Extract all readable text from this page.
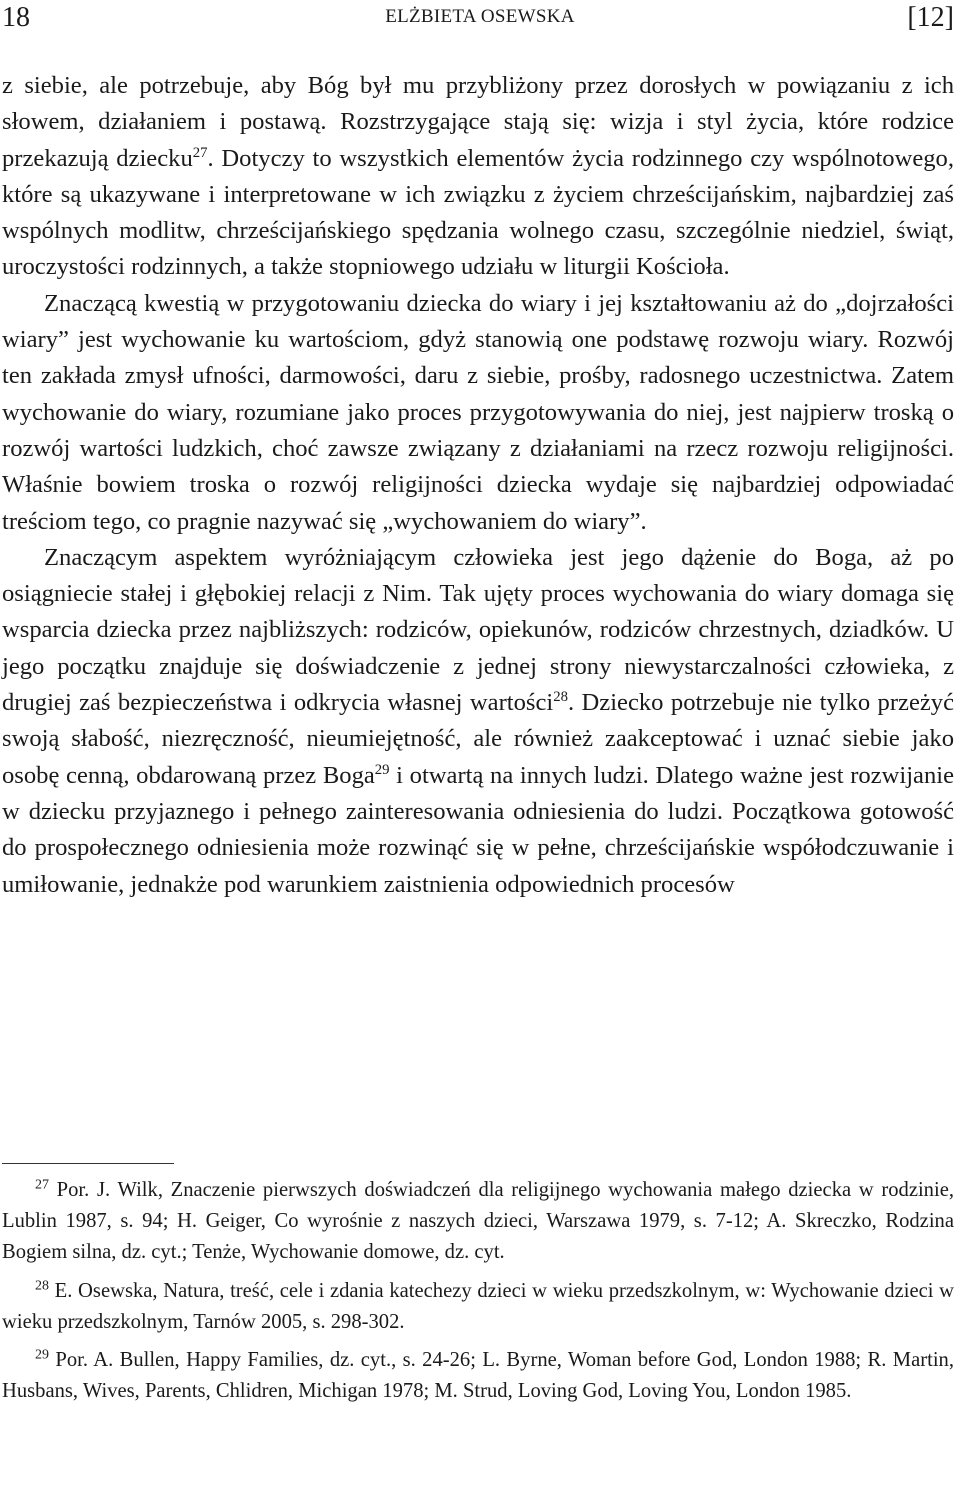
18	ELŻBIETA OSEWSKA	[12]

z siebie, ale potrzebuje, aby Bóg był mu przybliżony przez dorosłych w powiązaniu z ich słowem, działaniem i postawą. Rozstrzygające stają się: wizja i styl życia, które rodzice przekazują dziecku$^{27}$. Dotyczy to wszystkich elementów życia rodzinnego czy wspólnotowego, które są ukazywane i interpretowane w ich związku z życiem chrześcijańskim, najbardziej zaś wspólnych modlitw, chrześcijańskiego spędzania wolnego czasu, szczególnie niedziel, świąt, uroczystości rodzinnych, a także stopniowego udziału w liturgii Kościoła.

Znaczącą kwestią w przygotowaniu dziecka do wiary i jej kształtowaniu aż do „dojrzałości wiary” jest wychowanie ku wartościom, gdyż stanowią one podstawę rozwoju wiary. Rozwój ten zakłada zmysł ufności, darmowości, daru z siebie, prośby, radosnego uczestnictwa. Zatem wychowanie do wiary, rozumiane jako proces przygotowywania do niej, jest najpierw troską o rozwój wartości ludzkich, choć zawsze związany z działaniami na rzecz rozwoju religijności. Właśnie bowiem troska o rozwój religijności dziecka wydaje się najbardziej odpowiadać treściom tego, co pragnie nazywać się „wychowaniem do wiary”.

Znaczącym aspektem wyróżniającym człowieka jest jego dążenie do Boga, aż po osiągniecie stałej i głębokiej relacji z Nim. Tak ujęty proces wychowania do wiary domaga się wsparcia dziecka przez najbliższych: rodziców, opiekunów, rodziców chrzestnych, dziadków. U jego początku znajduje się doświadczenie z jednej strony niewystarczalności człowieka, z drugiej zaś bezpieczeństwa i odkrycia własnej wartości$^{28}$. Dziecko potrzebuje nie tylko przeżyć swoją słabość, niezręczność, nieumiejętność, ale również zaakceptować i uznać siebie jako osobę cenną, obdarowaną przez Boga$^{29}$ i otwartą na innych ludzi. Dlatego ważne jest rozwijanie w dziecku przyjaznego i pełnego zainteresowania odniesienia do ludzi. Początkowa gotowość do prospołecznego odniesienia może rozwinąć się w pełne, chrześcijańskie współodczuwanie i umiłowanie, jednakże pod warunkiem zaistnienia odpowiednich procesów

$^{27}$ Por. J. Wilk, Znaczenie pierwszych doświadczeń dla religijnego wychowania małego dziecka w rodzinie, Lublin 1987, s. 94; H. Geiger, Co wyrośnie z naszych dzieci, Warszawa 1979, s. 7-12; A. Skreczko, Rodzina Bogiem silna, dz. cyt.; Tenże, Wychowanie domowe, dz. cyt.

$^{28}$ E. Osewska, Natura, treść, cele i zdania katechezy dzieci w wieku przedszkolnym, w: Wychowanie dzieci w wieku przedszkolnym, Tarnów 2005, s. 298-302.

$^{29}$ Por. A. Bullen, Happy Families, dz. cyt., s. 24-26; L. Byrne, Woman before God, London 1988; R. Martin, Husbans, Wives, Parents, Chlidren, Michigan 1978; M. Strud, Loving God, Loving You, London 1985.
